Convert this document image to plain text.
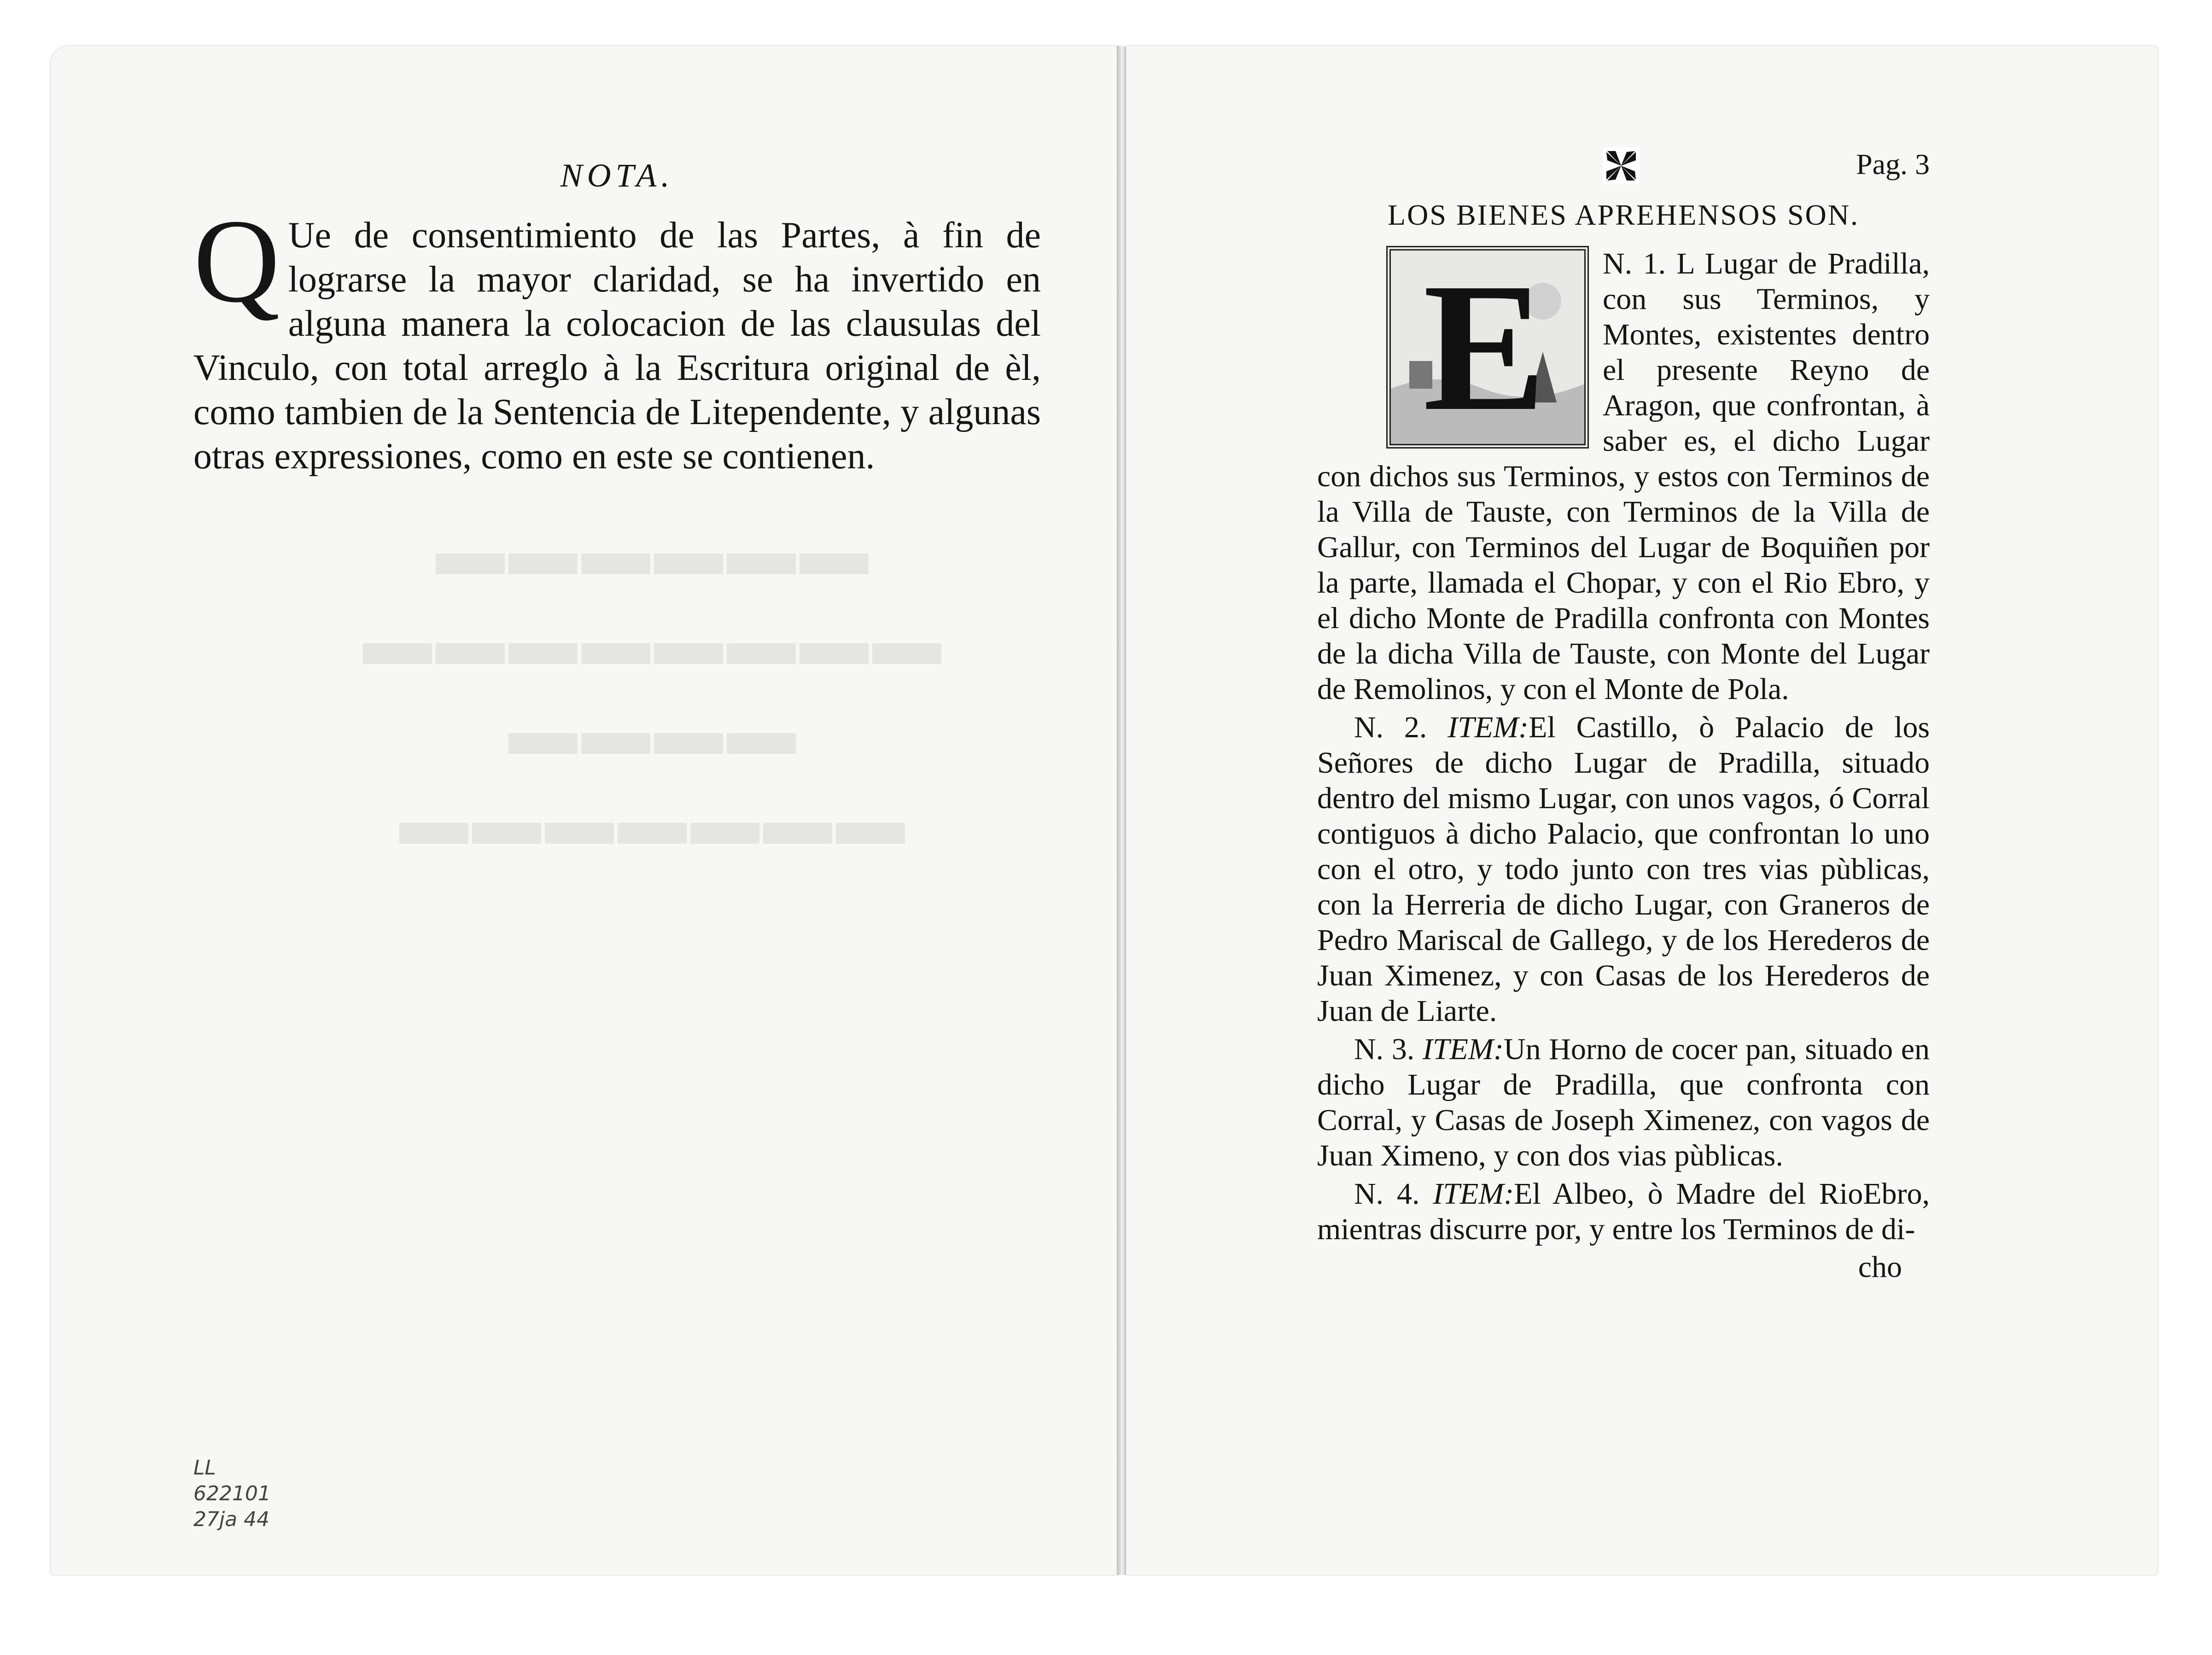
▬▬▬▬▬▬
▬▬▬▬▬▬▬▬
▬▬▬▬
▬▬▬▬▬▬▬
NOTA.
Q Ue de consentimiento de las Partes, à fin de lograrse la mayor claridad, se ha invertido en alguna manera la colocacion de las clausulas del Vinculo, con total arreglo à la Escritura original de èl, como tambien de la Sentencia de Litependente, y algunas otras expressiones, como en este se contienen.
LL
622101
27ja 44
Pag. 3
LOS BIENES APREHENSOS SON.
N. 1.
E	L Lugar de Pradilla, con sus Terminos, y Montes, existentes dentro el presente Reyno de Aragon, que confrontan, à saber es, el dicho Lugar con dichos sus Terminos, y estos con Terminos de la Villa de Tauste, con Terminos de la Villa de Gallur, con Terminos del Lugar de Boquiñen por la parte, llamada el Chopar, y con el Rio Ebro, y el dicho Monte de Pradilla confronta con Montes de la dicha Villa de Tauste, con Monte del Lugar de Remolinos, y con el Monte de Pola.
N. 2. ITEM:El Castillo, ò Palacio de los Señores de dicho Lugar de Pradilla, situado dentro del mismo Lugar, con unos vagos, ó Corral contiguos à dicho Palacio, que confrontan lo uno con el otro, y todo junto con tres vias pùblicas, con la Herreria de dicho Lugar, con Graneros de Pedro Mariscal de Gallego, y de los Herederos de Juan Ximenez, y con Casas de los Herederos de Juan de Liarte.
N. 3. ITEM:Un Horno de cocer pan, situado en dicho Lugar de Pradilla, que confronta con Corral, y Casas de Joseph Ximenez, con vagos de Juan Ximeno, y con dos vias pùblicas.
N. 4. ITEM:El Albeo, ò Madre del RioEbro, mientras discurre por, y entre los Terminos de di-
cho
